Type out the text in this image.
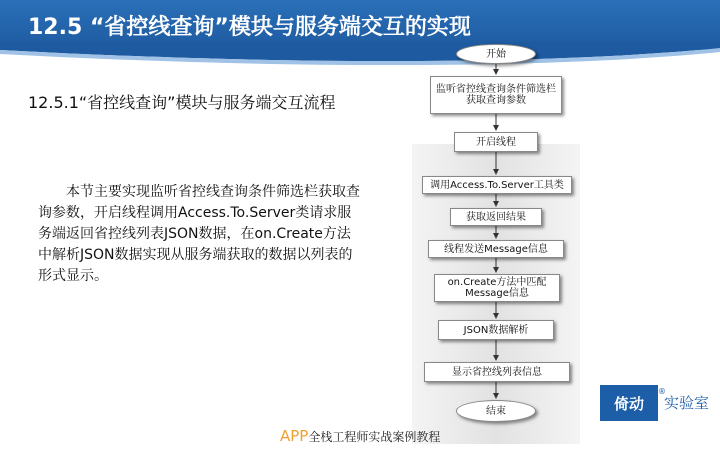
12.5 “省控线查询”模块与服务端交互的实现
12.5.1“省控线查询”模块与服务端交互流程
本节主要实现监听省控线查询条件筛选栏获取查询参数，开启线程调用Access.To.Server类请求服务端返回省控线列表JSON数据，在on.Create方法中解析JSON数据实现从服务端获取的数据以列表的形式显示。
开始
监听省控线查询条件筛选栏获取查询参数
开启线程
调用Access.To.Server工具类
获取返回结果
线程发送Message信息
on.Create方法中匹配Message信息
JSON数据解析
显示省控线列表信息
结束	倚动
®
实验室
APP全栈工程师实战案例教程
